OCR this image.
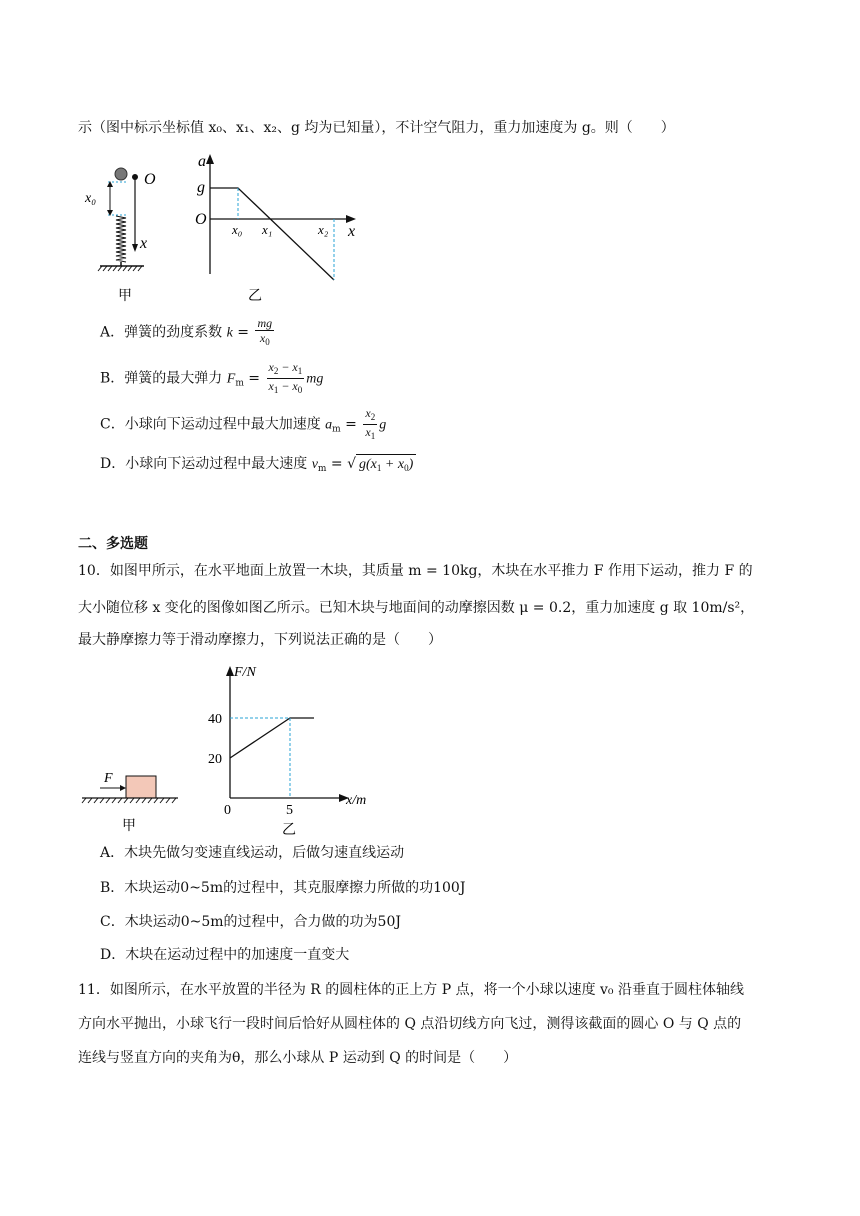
示（图中标示坐标值 x₀、x₁、x₂、g 均为已知量），不计空气阻力，重力加速度为 g。则（　　）
O
x₀
x
甲
a
g
O
x₀ x₁	x₂ x
乙
A．弹簧的劲度系数 $k = \frac{mg}{x_0}$
B．弹簧的最大弹力 $F_m = \frac{x_2 - x_1}{x_1 - x_0}$ mg
C．小球向下运动过程中最大加速度 $a_m = \frac{x_2}{x_1}$ g
D．小球向下运动过程中最大速度 $v_m$ = √ $g(x_1 + x_0)$
二、多选题
10．如图甲所示，在水平地面上放置一木块，其质量 m = 10kg，木块在水平推力 F 作用下运动，推力 F 的
大小随位移 x 变化的图像如图乙所示。已知木块与地面间的动摩擦因数 μ = 0.2，重力加速度 g 取 10m/s²，
最大静摩擦力等于滑动摩擦力，下列说法正确的是（　　）
F
甲
20
40
5
F/N
x/m
0
乙
A．木块先做匀变速直线运动，后做匀速直线运动
B．木块运动0~5m的过程中，其克服摩擦力所做的功100J
C．木块运动0~5m的过程中，合力做的功为50J
D．木块在运动过程中的加速度一直变大
11．如图所示，在水平放置的半径为 R 的圆柱体的正上方 P 点，将一个小球以速度 v₀ 沿垂直于圆柱体轴线
方向水平抛出，小球飞行一段时间后恰好从圆柱体的 Q 点沿切线方向飞过，测得该截面的圆心 O 与 Q 点的
连线与竖直方向的夹角为θ，那么小球从 P 运动到 Q 的时间是（　　）
